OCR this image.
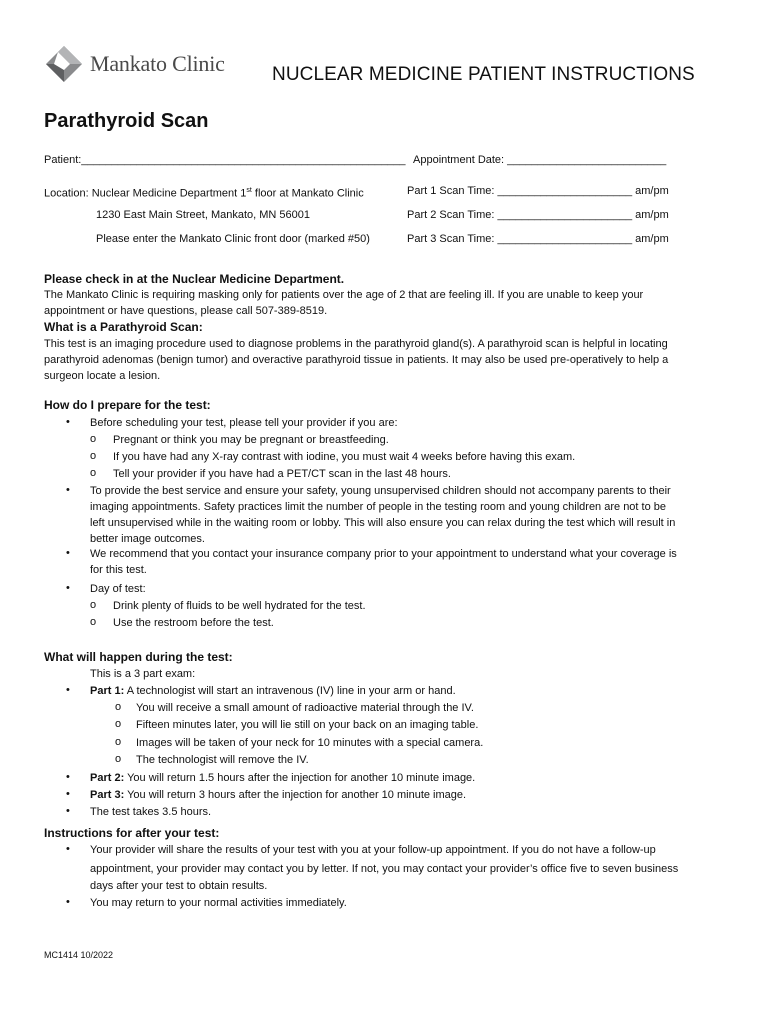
Mankato Clinic NUCLEAR MEDICINE PATIENT INSTRUCTIONS
Parathyroid Scan
Patient:_____________________________________________________ Appointment Date: __________________________
Location: Nuclear Medicine Department 1st floor at Mankato Clinic	Part 1 Scan Time: ______________________ am/pm
1230 East Main Street, Mankato, MN 56001	Part 2 Scan Time: ______________________ am/pm
Please enter the Mankato Clinic front door (marked #50)	Part 3 Scan Time: ______________________ am/pm
Please check in at the Nuclear Medicine Department.
The Mankato Clinic is requiring masking only for patients over the age of 2 that are feeling ill. If you are unable to keep your
appointment or have questions, please call 507-389-8519.
What is a Parathyroid Scan:
This test is an imaging procedure used to diagnose problems in the parathyroid gland(s). A parathyroid scan is helpful in locating
parathyroid adenomas (benign tumor) and overactive parathyroid tissue in patients. It may also be used pre-operatively to help a
surgeon locate a lesion.
How do I prepare for the test:
• Before scheduling your test, please tell your provider if you are:
o Pregnant or think you may be pregnant or breastfeeding.
o If you have had any X-ray contrast with iodine, you must wait 4 weeks before having this exam.
o Tell your provider if you have had a PET/CT scan in the last 48 hours.
• To provide the best service and ensure your safety, young unsupervised children should not accompany parents to their
imaging appointments. Safety practices limit the number of people in the testing room and young children are not to be
left unsupervised while in the waiting room or lobby. This will also ensure you can relax during the test which will result in
better image outcomes.
• We recommend that you contact your insurance company prior to your appointment to understand what your coverage is
for this test.
• Day of test:
o Drink plenty of fluids to be well hydrated for the test.
o Use the restroom before the test.
What will happen during the test:
This is a 3 part exam:
• Part 1: A technologist will start an intravenous (IV) line in your arm or hand.
o You will receive a small amount of radioactive material through the IV.
o Fifteen minutes later, you will lie still on your back on an imaging table.
o Images will be taken of your neck for 10 minutes with a special camera.
o The technologist will remove the IV.
• Part 2: You will return 1.5 hours after the injection for another 10 minute image.
• Part 3: You will return 3 hours after the injection for another 10 minute image.
• The test takes 3.5 hours.
Instructions for after your test:
• Your provider will share the results of your test with you at your follow-up appointment. If you do not have a follow-up
appointment, your provider may contact you by letter. If not, you may contact your provider’s office five to seven business
days after your test to obtain results.
• You may return to your normal activities immediately.
MC1414 10/2022
